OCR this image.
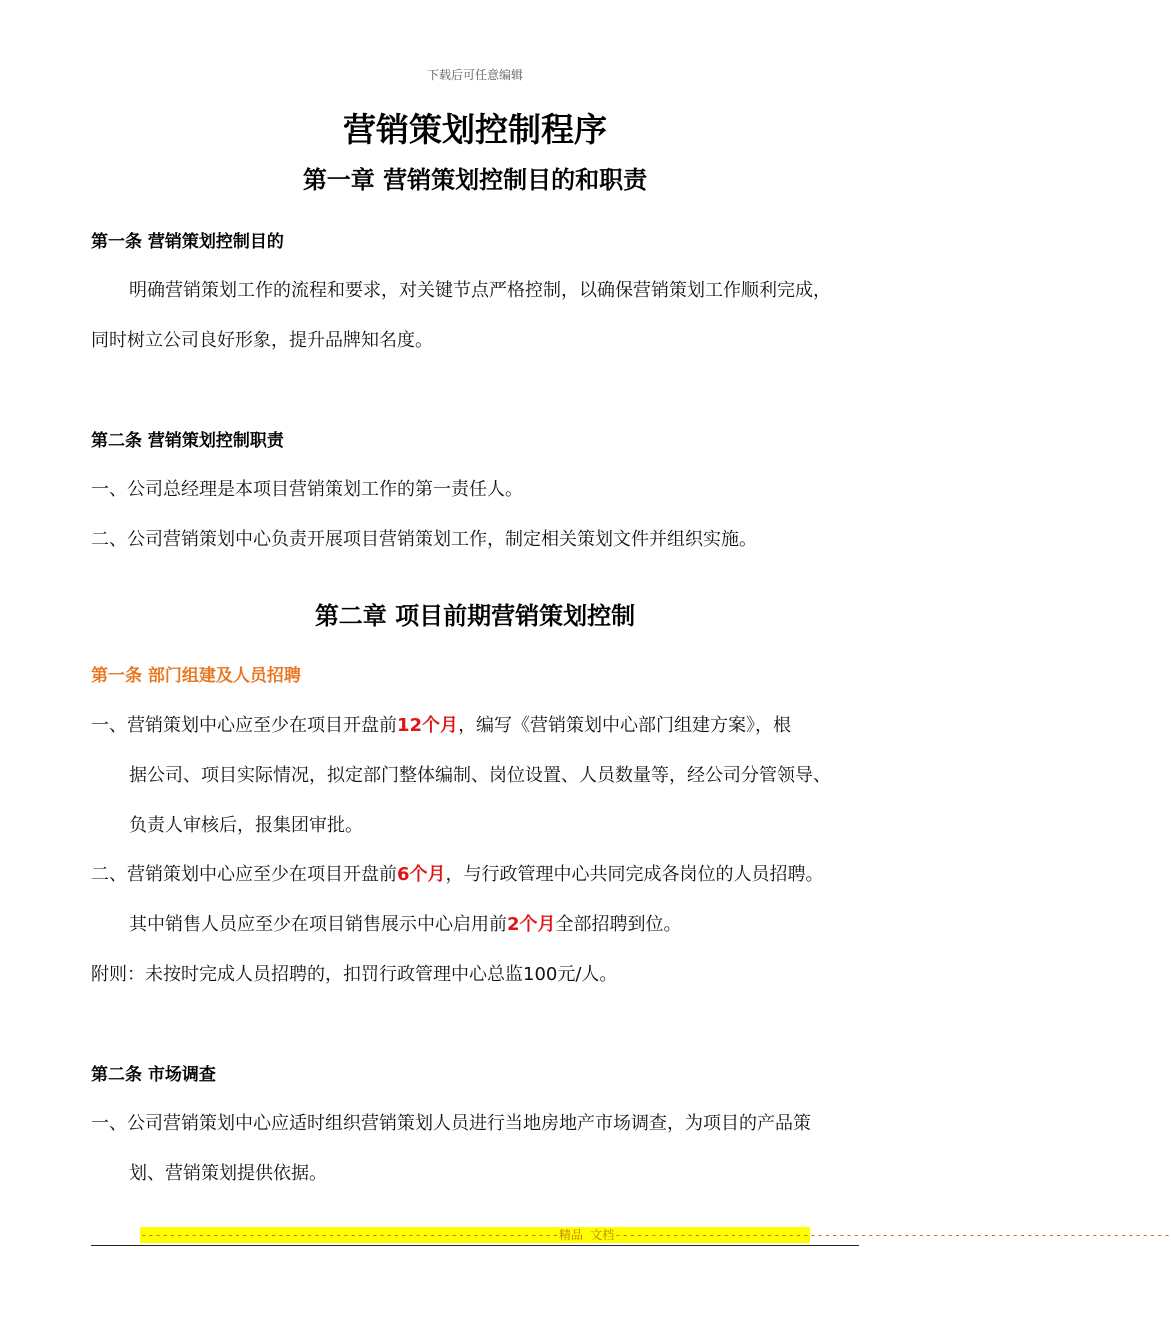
下载后可任意编辑
营销策划控制程序
第一章 营销策划控制目的和职责
第一条 营销策划控制目的
明确营销策划工作的流程和要求，对关键节点严格控制，以确保营销策划工作顺利完成，
同时树立公司良好形象，提升品牌知名度。
第二条 营销策划控制职责
一、公司总经理是本项目营销策划工作的第一责任人。
二、公司营销策划中心负责开展项目营销策划工作，制定相关策划文件并组织实施。
第二章 项目前期营销策划控制
第一条 部门组建及人员招聘
一、营销策划中心应至少在项目开盘前12个月，编写《营销策划中心部门组建方案》，根
据公司、项目实际情况，拟定部门整体编制、岗位设置、人员数量等，经公司分管领导、
负责人审核后，报集团审批。
二、营销策划中心应至少在项目开盘前6个月，与行政管理中心共同完成各岗位的人员招聘。
其中销售人员应至少在项目销售展示中心启用前2个月全部招聘到位。
附则：未按时完成人员招聘的，扣罚行政管理中心总监100元/人。
第二条 市场调查
一、公司营销策划中心应适时组织营销策划人员进行当地房地产市场调查，为项目的产品策
划、营销策划提供依据。
----------------------------------------------------------精品 文档-----------------------------------------------------------------------------
